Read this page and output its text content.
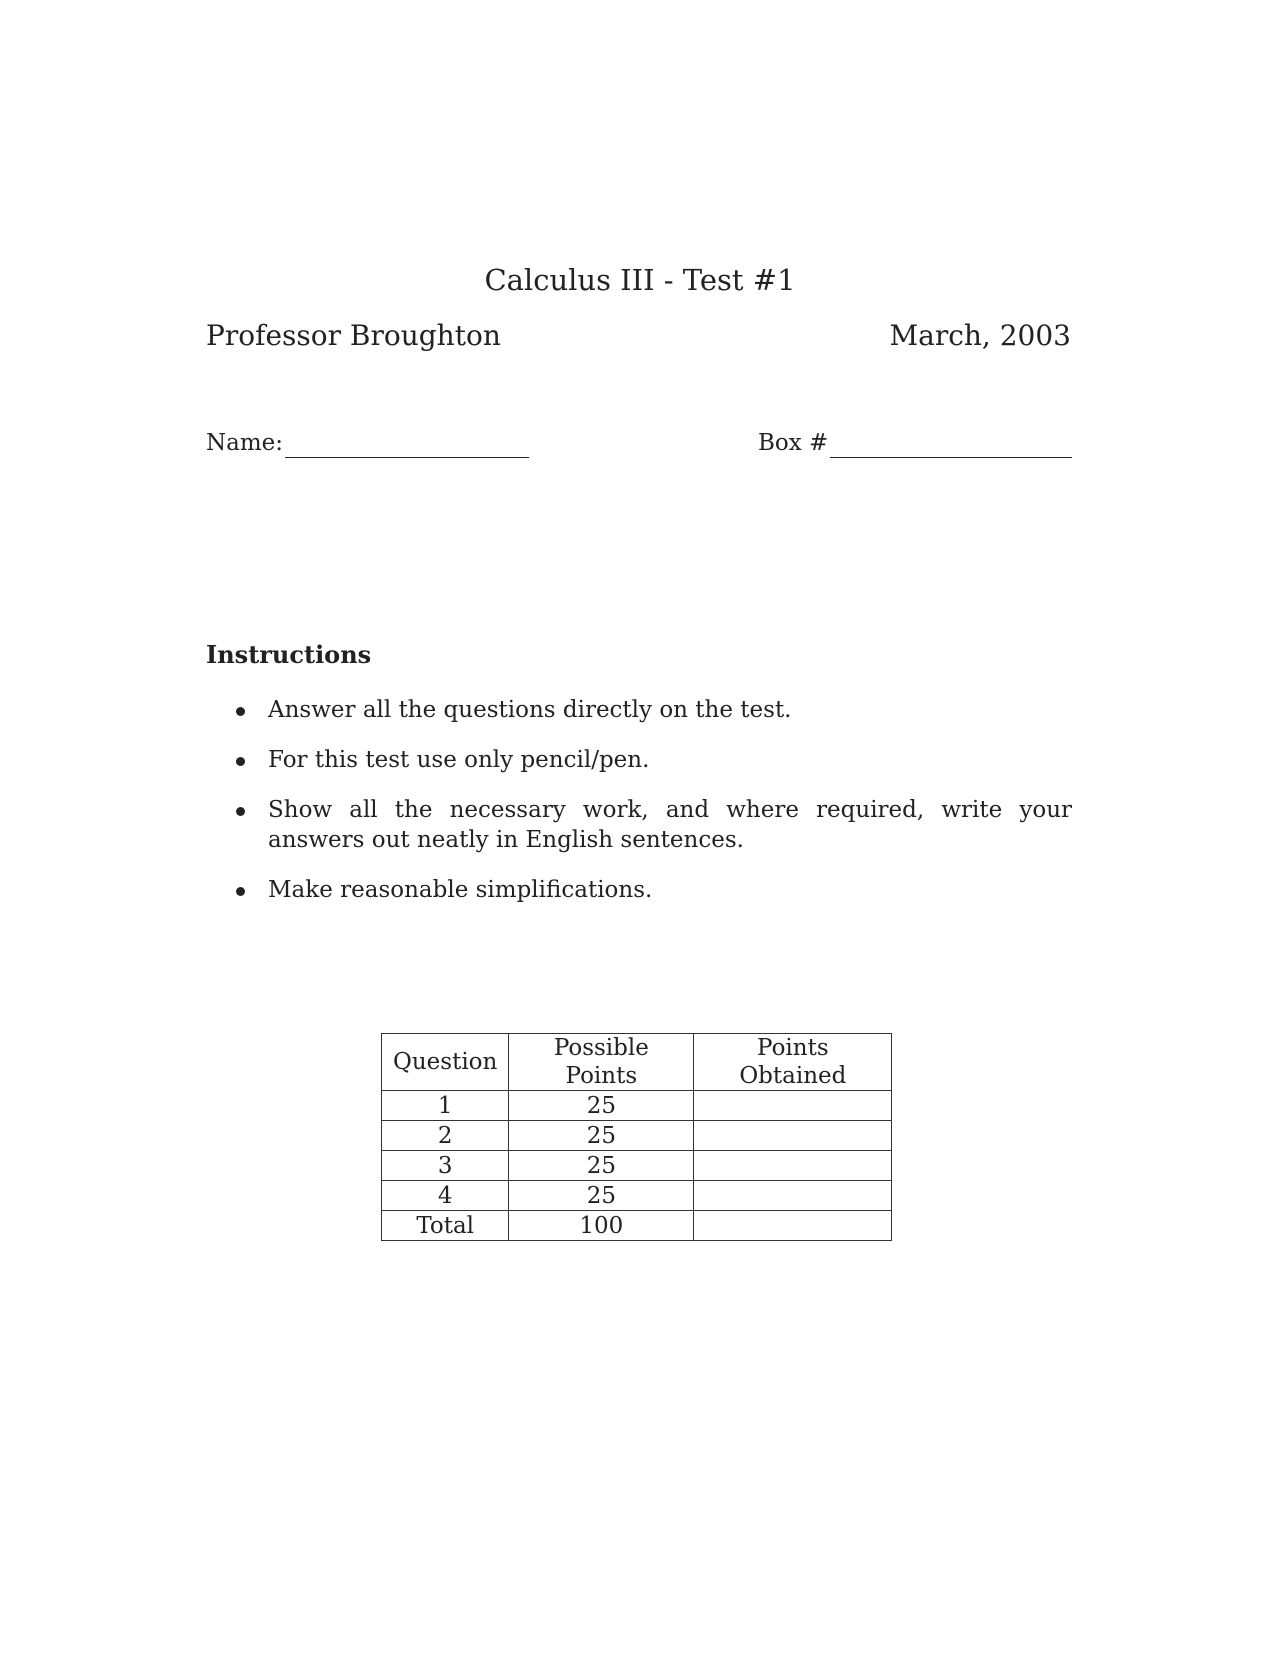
Calculus III - Test #1
Professor Broughton	March, 2003
Name:	Box #
Instructions
Answer all the questions directly on the test.
For this test use only pencil/pen.
Show all the necessary work, and where required, write your answers out neatly in English sentences.
Make reasonable simplifications.
Question	Possible Points	Points Obtained
1	25	
2	25	
3	25	
4	25	
Total	100	
